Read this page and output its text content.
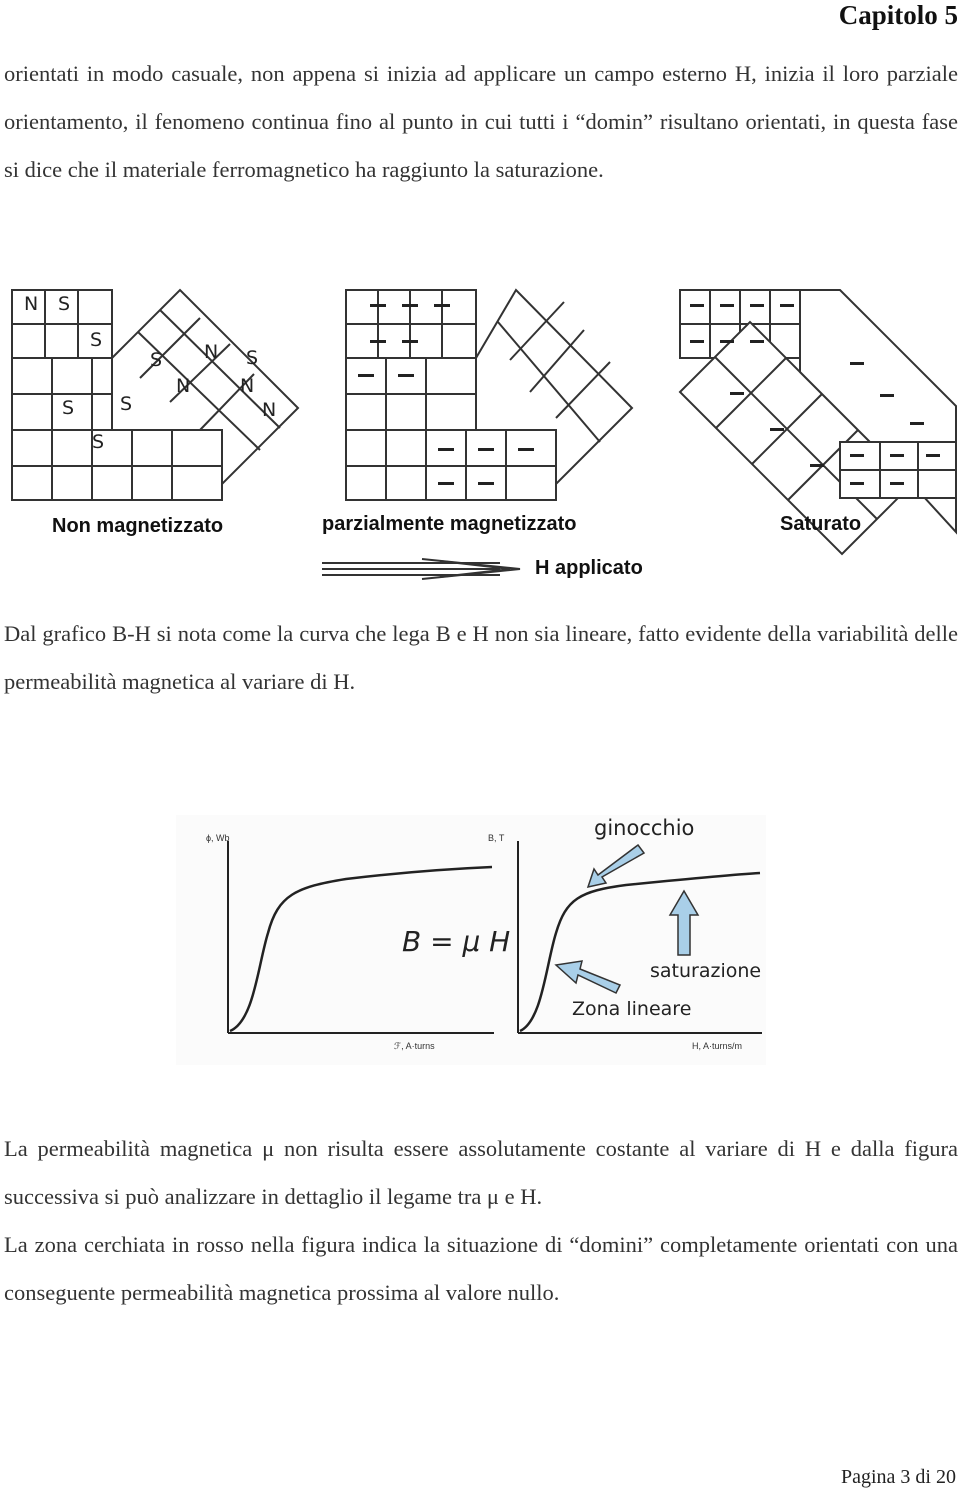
Capitolo 5
orientati in modo casuale, non appena si inizia ad applicare un campo esterno H, inizia il loro parziale orientamento, il fenomeno continua fino al punto in cui tutti i “domin” risultano orientati, in questa fase si dice che il materiale ferromagnetico ha raggiunto la saturazione.
N S
S
S
S
N
S
N
N
N
S
S
Non magnetizzato	parzialmente magnetizzato	Saturato
H applicato
Dal grafico B-H si nota come la curva che lega B e H non sia lineare, fatto evidente della variabilità delle permeabilità magnetica al variare di H.
ϕ, Wb
ℱ, A·turns
B, T
H, A·turns/m
B = μ H
ginocchio
saturazione
Zona lineare
La permeabilità magnetica μ non risulta essere assolutamente costante al variare di H e dalla figura successiva si può analizzare in dettaglio il legame tra μ e H.
La zona cerchiata in rosso nella figura indica la situazione di “domini” completamente orientati con una conseguente permeabilità magnetica prossima al valore nullo.
Pagina 3 di 20
